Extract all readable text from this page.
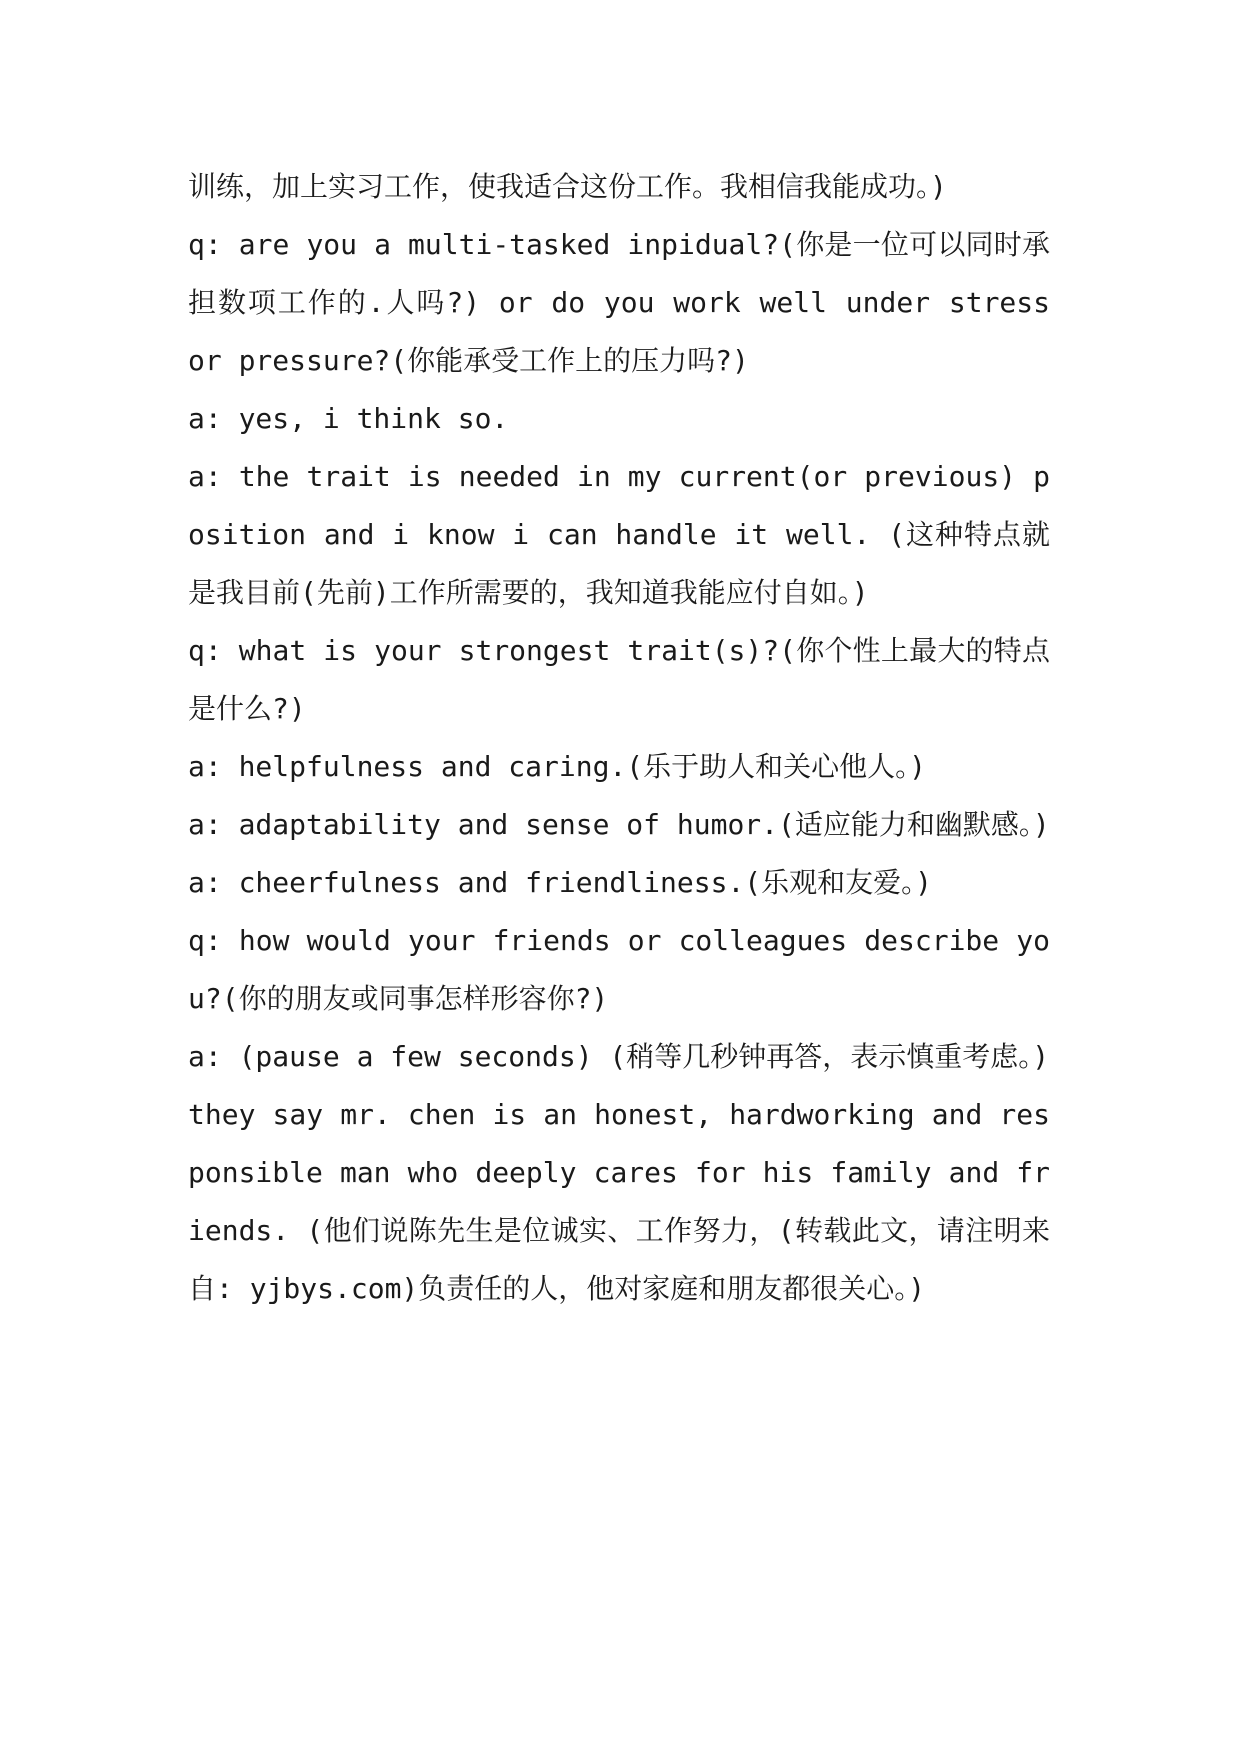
训练，加上实习工作，使我适合这份工作。我相信我能成功。)

q: are you a multi-tasked inpidual?(你是一位可以同时承担数项工作的.人吗?) or do you work well under stress or pressure?(你能承受工作上的压力吗?)

a: yes, i think so.

a: the trait is needed in my current(or previous) position and i know i can handle it well. (这种特点就是我目前(先前)工作所需要的，我知道我能应付自如。)

q: what is your strongest trait(s)?(你个性上最大的特点是什么?)

a: helpfulness and caring.(乐于助人和关心他人。)

a: adaptability and sense of humor.(适应能力和幽默感。)

a: cheerfulness and friendliness.(乐观和友爱。)

q: how would your friends or colleagues describe you?(你的朋友或同事怎样形容你?)

a: (pause a few seconds) (稍等几秒钟再答，表示慎重考虑。)

they say mr. chen is an honest, hardworking and responsible man who deeply cares for his family and friends. (他们说陈先生是位诚实、工作努力，(转载此文，请注明来自: yjbys.com)负责任的人，他对家庭和朋友都很关心。)
